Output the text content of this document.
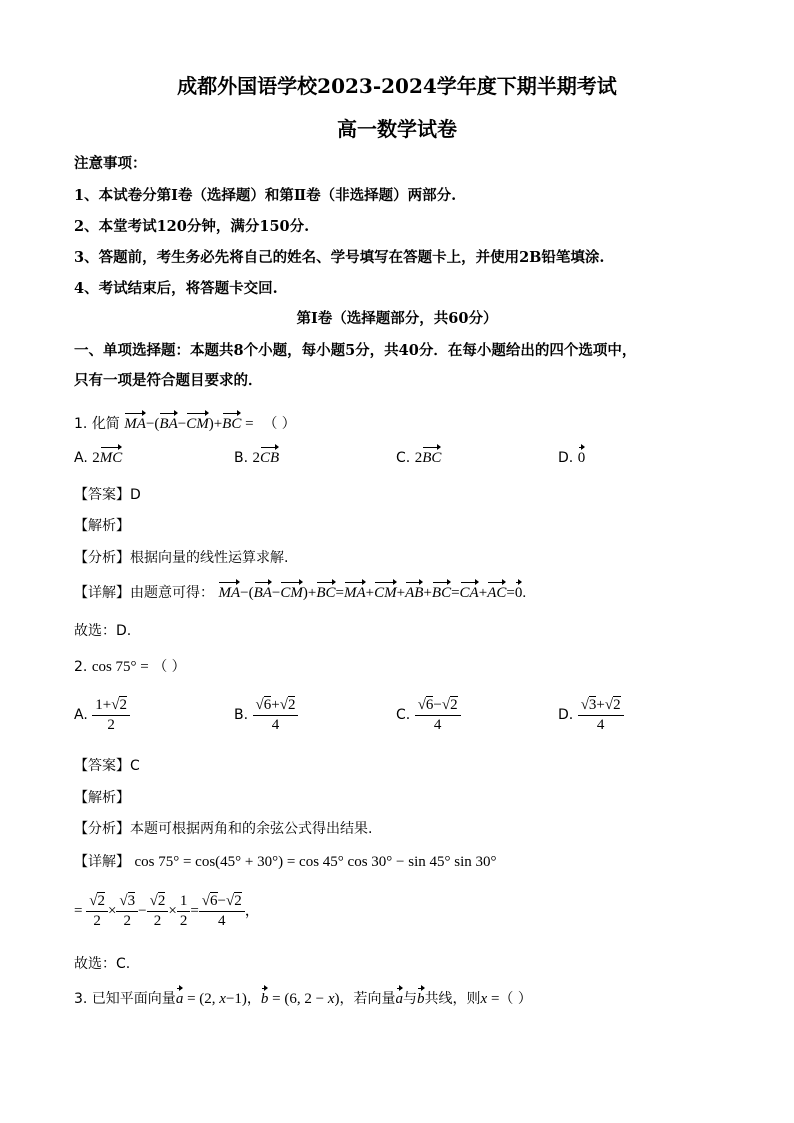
成都外国语学校2023-2024学年度下期半期考试
高一数学试卷
注意事项：
1、本试卷分第Ⅰ卷（选择题）和第Ⅱ卷（非选择题）两部分.
2、本堂考试120分钟，满分150分.
3、答题前，考生务必先将自己的姓名、学号填写在答题卡上，并使用2B铅笔填涂.
4、考试结束后，将答题卡交回.
第Ⅰ卷（选择题部分，共60分）
一、单项选择题：本题共8个小题，每小题5分，共40分．在每小题给出的四个选项中，
只有一项是符合题目要求的．
1. 化简 MA−(BA−CM)+BC = （ ）
A. 2MC	B. 2CB	C. 2BC	D. 0
【答案】D
【解析】
【分析】根据向量的线性运算求解.
【详解】由题意可得： MA−(BA−CM)+BC=MA+CM+AB+BC=CA+AC=0.
故选：D.
2. cos 75° = （ ）
A. $\frac{1+√2}{2}$	B. $\frac{√6+√2}{4}$	C. $\frac{√6-√2}{4}$	D. $\frac{√3+√2}{4}$
【答案】C
【解析】
【分析】本题可根据两角和的余弦公式得出结果.
【详解】 cos 75° = cos(45° + 30°) = cos 45° cos 30° − sin 45° sin 30°
= $\frac{√2}{2} \times \frac{√3}{2} - \frac{√2}{2} \times \frac{1}{2} = \frac{√6-√2}{4}$ ，
故选：C.
3. 已知平面向量a = (2, x−1)，b = (6, 2 − x)，若向量a与b共线，则x =（ ）
